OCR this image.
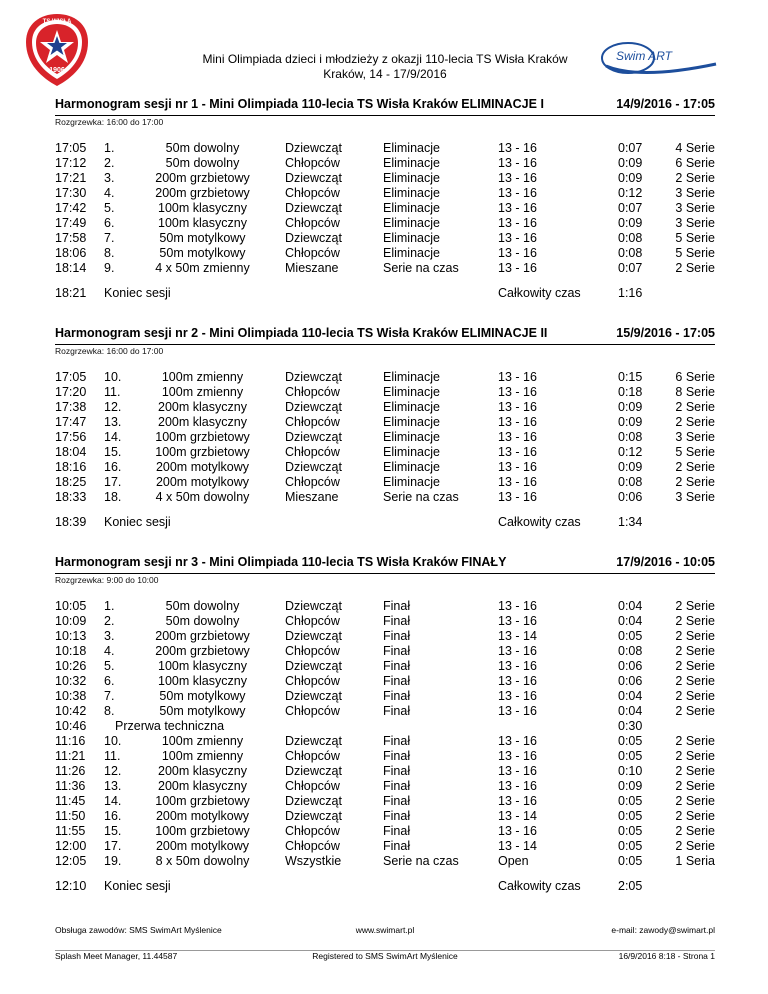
TS WISŁA
1906
Mini Olimpiada dzieci i młodzieży z okazji 110-lecia TS Wisła Kraków
Kraków, 14 - 17/9/2016
Swim ART
Harmonogram sesji nr 1 - Mini Olimpiada 110-lecia TS Wisła Kraków ELIMINACJE I	14/9/2016 - 17:05
Rozgrzewka: 16:00 do 17:00
17:05 1.	50m dowolny	Dziewcząt	Eliminacje	13 - 16	0:07	4 Serie
17:12 2.	50m dowolny	Chłopców	Eliminacje	13 - 16	0:09	6 Serie
17:21 3.	200m grzbietowy	Dziewcząt	Eliminacje	13 - 16	0:09	2 Serie
17:30 4.	200m grzbietowy	Chłopców	Eliminacje	13 - 16	0:12	3 Serie
17:42 5.	100m klasyczny	Dziewcząt	Eliminacje	13 - 16	0:07	3 Serie
17:49 6.	100m klasyczny	Chłopców	Eliminacje	13 - 16	0:09	3 Serie
17:58 7.	50m motylkowy	Dziewcząt	Eliminacje	13 - 16	0:08	5 Serie
18:06 8.	50m motylkowy	Chłopców	Eliminacje	13 - 16	0:08	5 Serie
18:14 9.	4 x 50m zmienny	Mieszane	Serie na czas	13 - 16	0:07	2 Serie
18:21 Koniec sesji	Całkowity czas	1:16
Harmonogram sesji nr 2 - Mini Olimpiada 110-lecia TS Wisła Kraków ELIMINACJE II	15/9/2016 - 17:05
Rozgrzewka: 16:00 do 17:00
17:05 10.	100m zmienny	Dziewcząt	Eliminacje	13 - 16	0:15	6 Serie
17:20 11.	100m zmienny	Chłopców	Eliminacje	13 - 16	0:18	8 Serie
17:38 12.	200m klasyczny	Dziewcząt	Eliminacje	13 - 16	0:09	2 Serie
17:47 13.	200m klasyczny	Chłopców	Eliminacje	13 - 16	0:09	2 Serie
17:56 14.	100m grzbietowy	Dziewcząt	Eliminacje	13 - 16	0:08	3 Serie
18:04 15.	100m grzbietowy	Chłopców	Eliminacje	13 - 16	0:12	5 Serie
18:16 16.	200m motylkowy	Dziewcząt	Eliminacje	13 - 16	0:09	2 Serie
18:25 17.	200m motylkowy	Chłopców	Eliminacje	13 - 16	0:08	2 Serie
18:33 18.	4 x 50m dowolny	Mieszane	Serie na czas	13 - 16	0:06	3 Serie
18:39 Koniec sesji	Całkowity czas	1:34
Harmonogram sesji nr 3 - Mini Olimpiada 110-lecia TS Wisła Kraków FINAŁY	17/9/2016 - 10:05
Rozgrzewka: 9:00 do 10:00
10:05 1.	50m dowolny	Dziewcząt	Finał	13 - 16	0:04	2 Serie
10:09 2.	50m dowolny	Chłopców	Finał	13 - 16	0:04	2 Serie
10:13 3.	200m grzbietowy	Dziewcząt	Finał	13 - 14	0:05	2 Serie
10:18 4.	200m grzbietowy	Chłopców	Finał	13 - 16	0:08	2 Serie
10:26 5.	100m klasyczny	Dziewcząt	Finał	13 - 16	0:06	2 Serie
10:32 6.	100m klasyczny	Chłopców	Finał	13 - 16	0:06	2 Serie
10:38 7.	50m motylkowy	Dziewcząt	Finał	13 - 16	0:04	2 Serie
10:42 8.	50m motylkowy	Chłopców	Finał	13 - 16	0:04	2 Serie
10:46 Przerwa techniczna	0:30
11:16 10.	100m zmienny	Dziewcząt	Finał	13 - 16	0:05	2 Serie
11:21 11.	100m zmienny	Chłopców	Finał	13 - 16	0:05	2 Serie
11:26 12.	200m klasyczny	Dziewcząt	Finał	13 - 16	0:10	2 Serie
11:36 13.	200m klasyczny	Chłopców	Finał	13 - 16	0:09	2 Serie
11:45 14.	100m grzbietowy	Dziewcząt	Finał	13 - 16	0:05	2 Serie
11:50 16.	200m motylkowy	Dziewcząt	Finał	13 - 14	0:05	2 Serie
11:55 15.	100m grzbietowy	Chłopców	Finał	13 - 16	0:05	2 Serie
12:00 17.	200m motylkowy	Chłopców	Finał	13 - 14	0:05	2 Serie
12:05 19.	8 x 50m dowolny	Wszystkie	Serie na czas	Open	0:05	1 Seria
12:10 Koniec sesji	Całkowity czas	2:05
Obsługa zawodów: SMS SwimArt Myślenice	www.swimart.pl	e-mail: zawody@swimart.pl
Splash Meet Manager, 11.44587	Registered to SMS SwimArt Myślenice	16/9/2016 8:18 - Strona 1
